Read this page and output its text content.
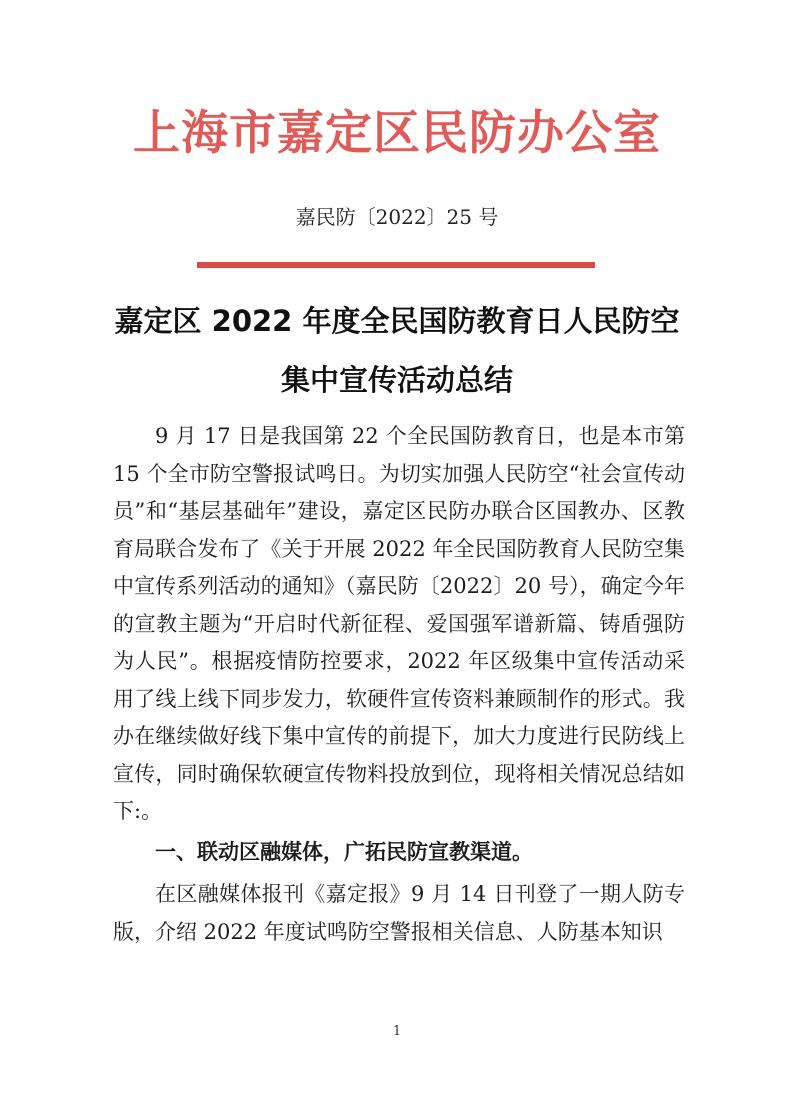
上海市嘉定区民防办公室
嘉民防〔2022〕25 号
嘉定区 2022 年度全民国防教育日人民防空
集中宣传活动总结

9 月 17 日是我国第 22 个全民国防教育日，也是本市第 15 个全市防空警报试鸣日。为切实加强人民防空“社会宣传动员”和“基层基础年”建设，嘉定区民防办联合区国教办、区教育局联合发布了《关于开展 2022 年全民国防教育人民防空集中宣传系列活动的通知》（嘉民防〔2022〕20 号），确定今年的宣教主题为“开启时代新征程、爱国强军谱新篇、铸盾强防为人民”。根据疫情防控要求，2022 年区级集中宣传活动采用了线上线下同步发力，软硬件宣传资料兼顾制作的形式。我办在继续做好线下集中宣传的前提下，加大力度进行民防线上宣传，同时确保软硬宣传物料投放到位，现将相关情况总结如下:。

一、联动区融媒体，广拓民防宣教渠道。

在区融媒体报刊《嘉定报》9 月 14 日刊登了一期人防专版，介绍 2022 年度试鸣防空警报相关信息、人防基本知识

1
